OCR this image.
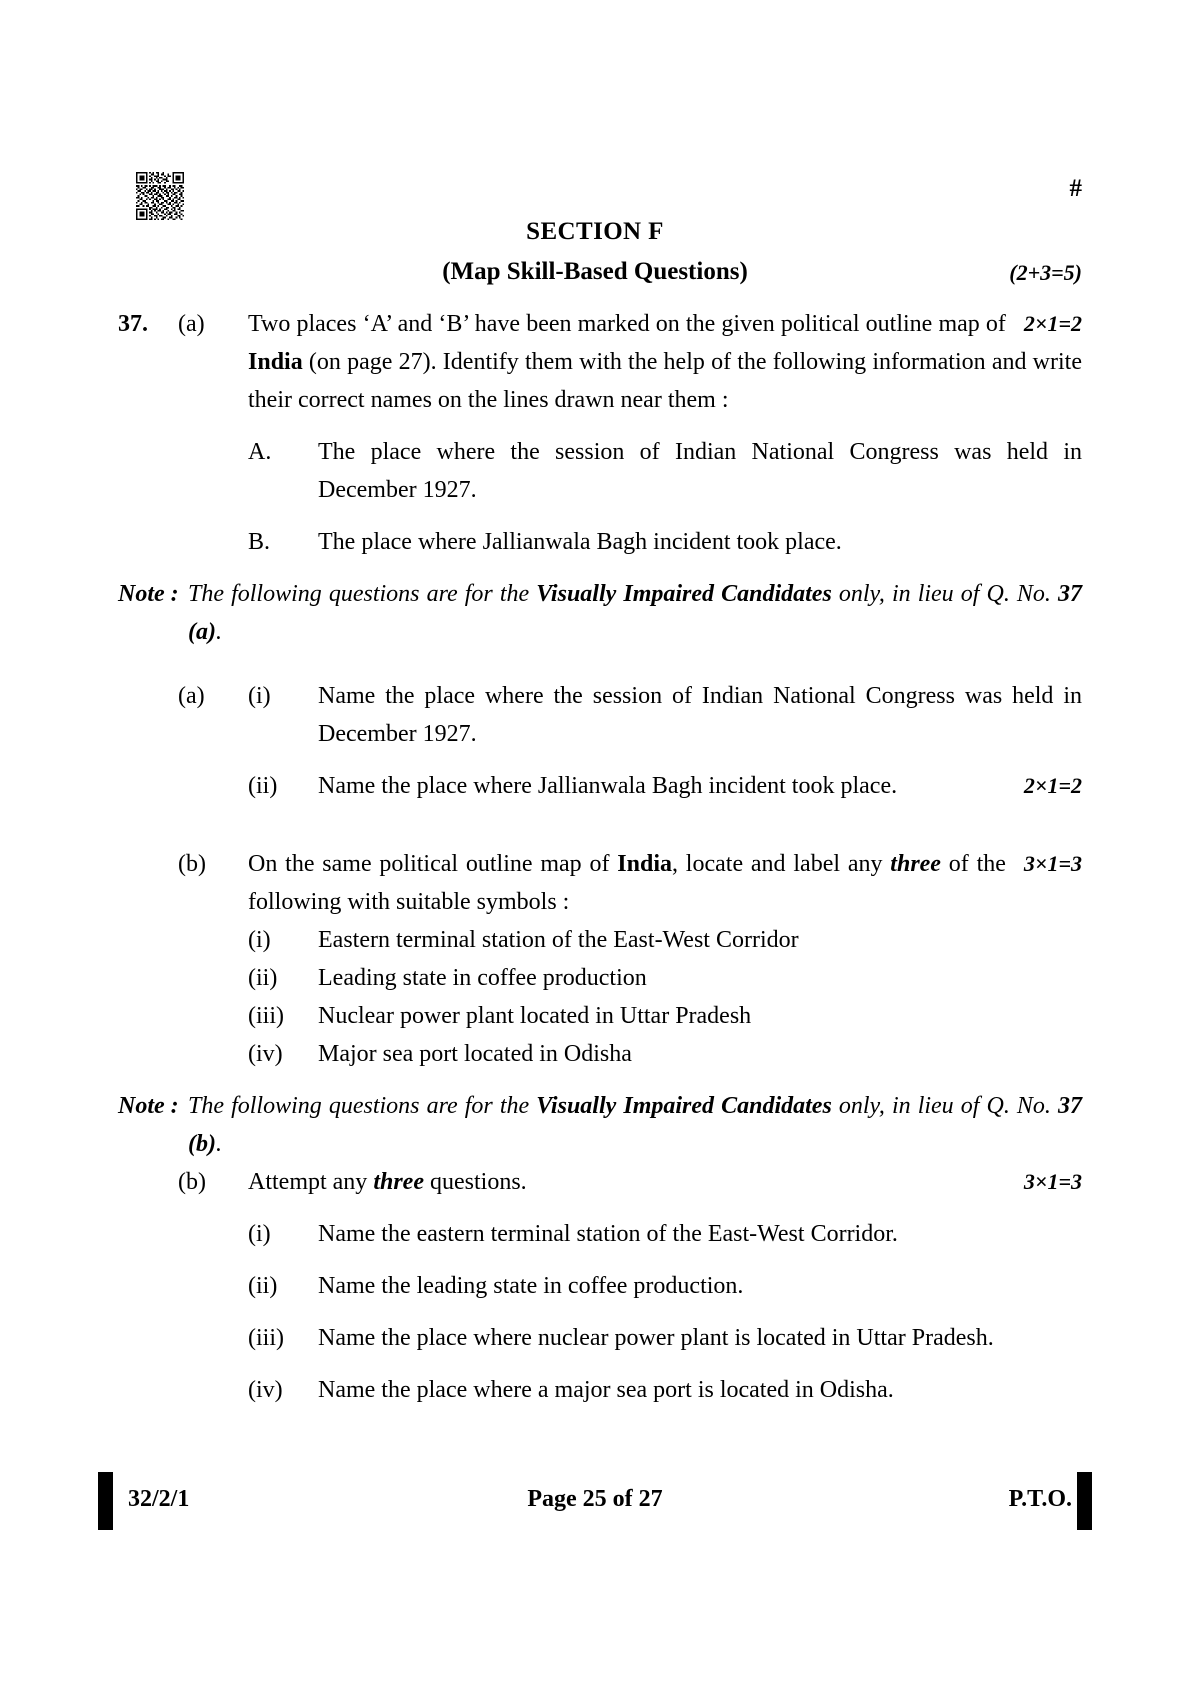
#
SECTION F
(Map Skill-Based Questions)	(2+3=5)
37. (a)	2×1=2
Two places ‘A’ and ‘B’ have been marked on the given political outline map of India (on page 27). Identify them with the help of the following information and write their correct names on the lines drawn near them :
A. The place where the session of Indian National Congress was held in December 1927.
B. The place where Jallianwala Bagh incident took place.
Note : The following questions are for the Visually Impaired Candidates only, in lieu of Q. No. 37 (a).
(a) (i) Name the place where the session of Indian National Congress was held in December 1927.
(ii)	2×1=2
Name the place where Jallianwala Bagh incident took place.
(b)	3×1=3
On the same political outline map of India, locate and label any three of the following with suitable symbols :
(i) Eastern terminal station of the East-West Corridor
(ii) Leading state in coffee production
(iii) Nuclear power plant located in Uttar Pradesh
(iv) Major sea port located in Odisha
Note : The following questions are for the Visually Impaired Candidates only, in lieu of Q. No. 37 (b).
(b)	3×1=3
Attempt any three questions.
(i) Name the eastern terminal station of the East-West Corridor.
(ii) Name the leading state in coffee production.
(iii) Name the place where nuclear power plant is located in Uttar Pradesh.
(iv) Name the place where a major sea port is located in Odisha.
32/2/1	Page 25 of 27	P.T.O.
